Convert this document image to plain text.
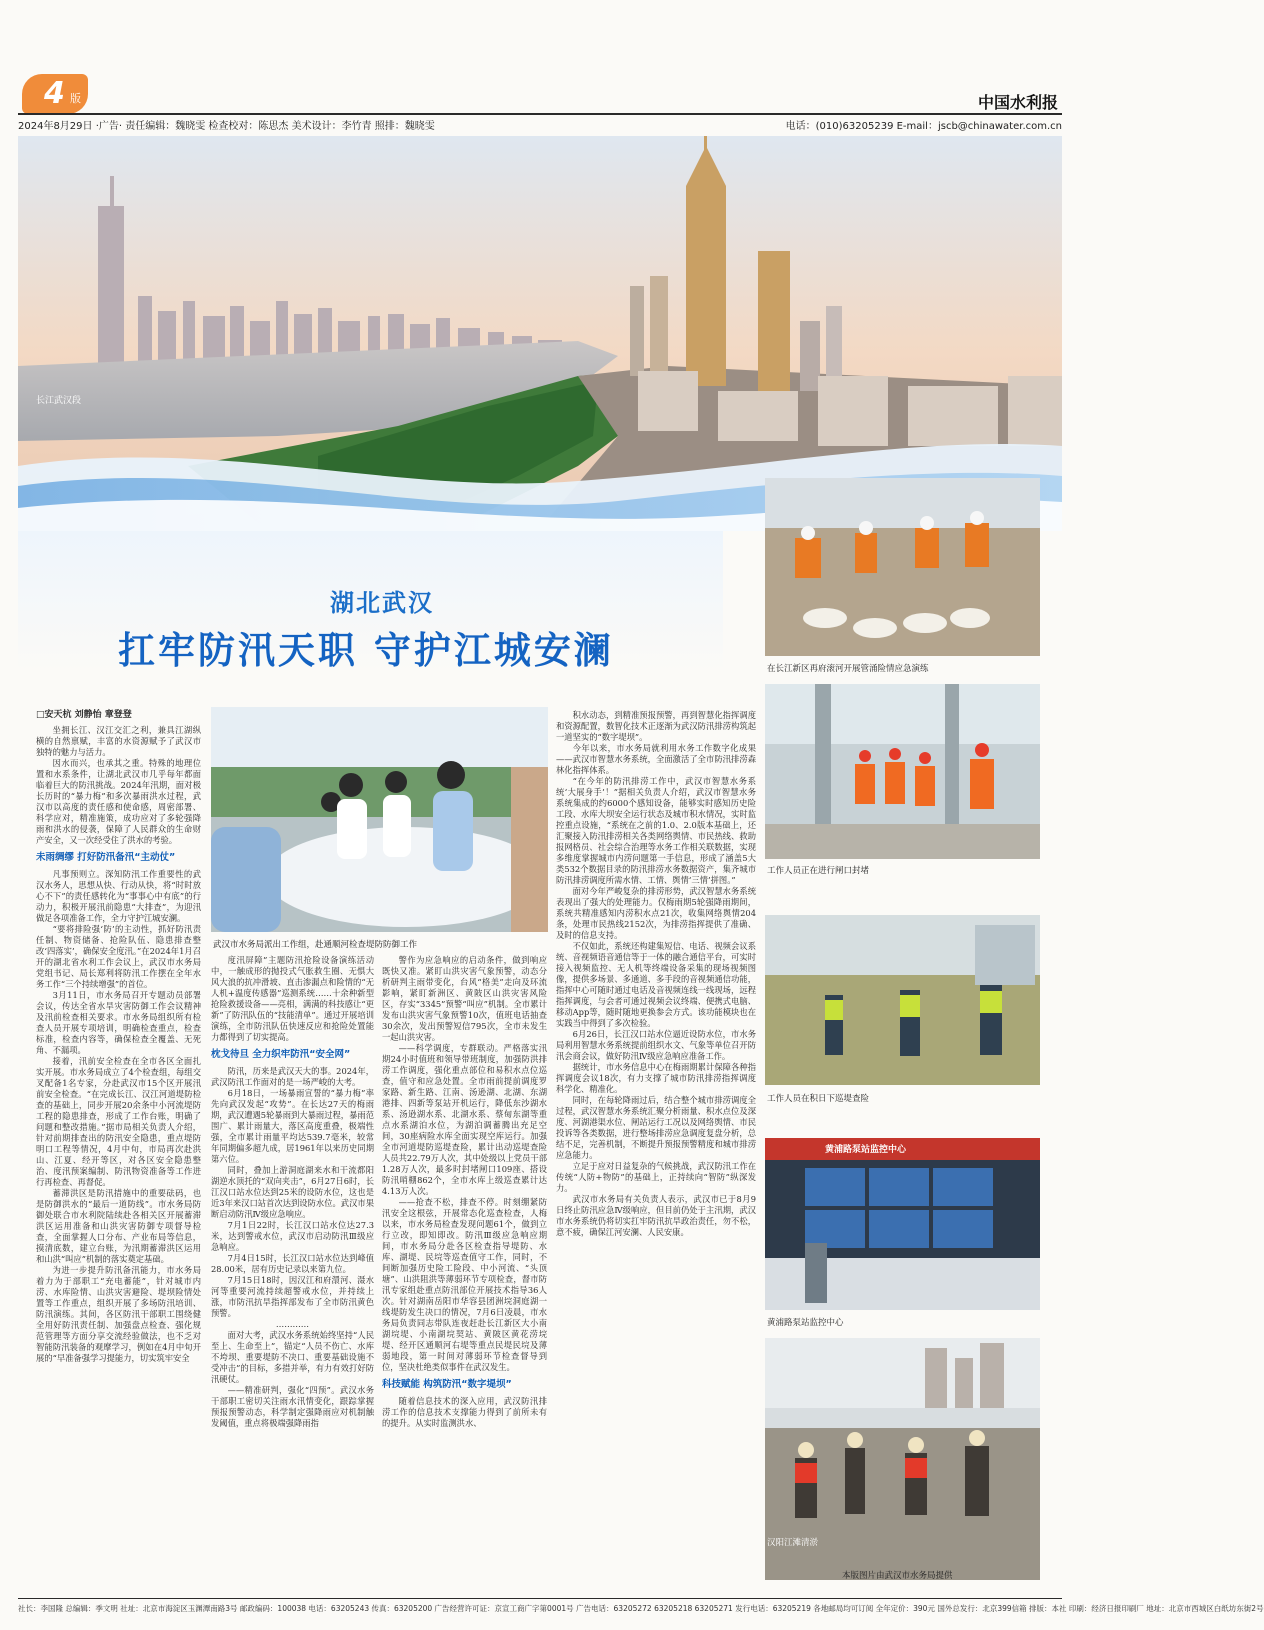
4 版	中国水利报
2024年8月29日 ·广告· 责任编辑：魏晓雯 检查校对：陈思杰 美术设计：李竹青 照排：魏晓雯	电话：(010)63205239 E-mail：jscb@chinawater.com.cn
长江武汉段
湖北武汉
扛牢防汛天职 守护江城安澜
武汉市水务局派出工作组，赴通顺河检查堤防防御工作
在长江新区再府滚河开展管涌险情应急演练
工作人员正在进行闸口封堵
工作人员在积日下巡堤查险
黄浦路泵站监控中心
黄浦路泵站监控中心
汉阳江滩清淤
本版图片由武汉市水务局提供

□安天杭 刘静怡 章登登

坐拥长江、汉江交汇之利，兼具江湖纵横的自然禀赋，丰富的水资源赋予了武汉市独特的魅力与活力。

因水而兴，也承其之重。特殊的地理位置和水系条件，让湖北武汉市几乎每年都面临着巨大的防汛挑战。2024年汛期，面对极长历时的“暴力梅”和多次暴雨洪水过程，武汉市以高度的责任感和使命感，周密部署、科学应对，精准施策，成功应对了多轮强降雨和洪水的侵袭，保障了人民群众的生命财产安全，又一次经受住了洪水的考验。

未雨绸缪 打好防汛备汛“主动仗”

凡事预则立。深知防汛工作重要性的武汉水务人，思想从快、行动从快，将“时时放心不下”的责任感转化为“事事心中有底”的行动力，积极开展汛前隐患“大排查”，为迎汛做足各项准备工作，全力守护江城安澜。

“要将排险强‘防’的主动性，抓好防汛责任制、物资储备、抢险队伍、隐患排查整改‘四落实’，确保安全度汛。”在2024年1月召开的湖北省水利工作会议上，武汉市水务局党组书记、局长郑利将防汛工作摆在全年水务工作“三个持续增强”的首位。

3月11日，市水务局召开专题动员部署会议，传达全省水旱灾害防御工作会议精神及汛前检查相关要求。市水务局组织所有检查人员开展专项培训，明确检查重点，检查标准，检查内容等，确保检查全覆盖、无死角、不漏项。

接着，汛前安全检查在全市各区全面扎实开展。市水务局成立了4个检查组，每组交叉配备1名专家，分赴武汉市15个区开展汛前安全检查。“在完成长江、汉江河道堤防检查的基础上，同步开展20余条中小河流堤防工程的隐患排查，形成了工作台账，明确了问题和整改措施。”据市局相关负责人介绍，针对前期排查出的防汛安全隐患，重点堤防明口工程等情况，4月中旬，市局再次赴洪山、江夏、经开等区，对各区安全隐患整治、度汛预案编制、防汛物资准备等工作进行再检查、再督促。

蓄滞洪区是防汛措施中的重要砝码，也是防御洪水的“最后一道防线”。市水务局防御处联合市水利院陆续赴各相关区开展蓄滞洪区运用准备和山洪灾害防御专项督导检查，全面掌握人口分布、产业布局等信息，摸清底数，建立台账，为汛期蓄滞洪区运用和山洪“叫应”机制的落实奠定基础。

为进一步提升防汛备汛能力，市水务局着力为于部职工“充电蓄能”，针对城市内涝、水库险情、山洪灾害避险、堤坝险情处置等工作重点，组织开展了多场防汛培训、防汛演练。其间，各区防汛干部职工围绕健全用好防汛责任制、加强盘点检查、强化规范管理等方面分享交流经验做法，也不乏对智能防汛装备的观摩学习，例如在4月中旬开展的“早准备强学习提能力，切实筑牢安全

度汛屏障”主题防汛抢险设备演练活动中，一触成形的抛投式气胀救生圈、无惧大风大浪的抗冲滑坡、直击渗漏点和险情的“无人机+温度传感器”巡测系统……十余种新型抢险救援设备——亮相，满满的科技感让“更新”了防汛队伍的“技能清单”。通过开展培训演练，全市防汛队伍快速反应和抢险处置能力都得到了切实提高。

枕戈待旦 全力织牢防汛“安全网”

防汛，历来是武汉天大的事。2024年，武汉防汛工作面对的是一场严峻的大考。

6月18日，一场暴雨宣誓的“暴力梅”率先向武汉发起“攻势”。在长达27天的梅雨期，武汉遭遇5轮暴雨到大暴雨过程，暴雨范围广、累计雨量大，落区高度重叠，极端性强，全市累计雨量平均达539.7毫米，较常年同期偏多超九成，居1961年以来历史同期第六位。

同时，叠加上游洞庭湖来水和干流都阳湖逆水顶托的“双向夹击”，6月27日6时，长江汉口站水位达到25米的设防水位，这也是近3年来汉口站首次达到设防水位。武汉市果断启动防汛Ⅳ级应急响应。

7月1日22时，长江汉口站水位达27.3米，达到警戒水位，武汉市启动防汛Ⅲ级应急响应。

7月4日15时，长江汉口站水位达到峰值28.00米，居有历史记录以来第九位。

7月15日18时，因汉江和府澴河、滠水河等重要河流持续超警戒水位，并持续上涨，市防汛抗旱指挥部发布了全市防汛黄色预警。

…………

面对大考，武汉水务系统始终坚持“人民至上、生命至上”，锚定“人员不伤亡、水库不垮坝、重要堤防不决口、重要基础设施不受冲击”的目标，多措并举，有力有效打好防汛硬仗。

——精准研判，强化“四预”。武汉水务干部职工密切关注雨水汛情变化，跟踪掌握预报预警动态，科学制定强降雨应对机制触发阈值，重点将极端强降雨指

警作为应急响应的启动条件，做到响应既快又准。紧盯山洪灾害气象预警，动态分析研判主雨带变化，台风“格美”走向及环流影响，紧盯新洲区、黄陂区山洪灾害风险区，存实“3345”预警“叫应”机制。全市累计发布山洪灾害气象预警10次，值班电话抽查30余次，发出预警短信795次，全市未发生一起山洪灾害。

——科学调度，专群联动。严格落实汛期24小时值班和领导带班制度，加强防洪排涝工作调度，强化重点部位和易积水点位巡查，值守和应急处置。全市雨前提前调度罗家路、新生路、江南、汤逊湖、北湖、东湖港排、四新等泵站开机运行，降低东沙湖水系、汤逊湖水系、北湖水系、蔡甸东湖等重点水系湖泊水位，为湖泊调蓄腾出充足空间，30座病险水库全面实现空库运行。加强全市河道堤防巡堤查险，累计出动巡堤查险人员共22.79万人次，其中处级以上党员干部1.28万人次，最多时封堵闸口109座、搭设防汛哨棚862个，全市水库上级巡查累计达4.13万人次。

——抢查不松，排查不停。时刻绷紧防汛安全这根弦，开展常态化巡查检查，人梅以来，市水务局检查发现问题61个，做到立行立改，即知即改。防汛Ⅲ级应急响应期间，市水务局分赴各区检查指导堤防、水库、湖堤、民垸等巡查值守工作，同时，不间断加强历史险工险段、中小河流、“头顶塘”、山洪阻洪等薄弱环节专项检查，督市防汛专家组赴重点防汛部位开展技术指导36人次。针对湖南岳阳市华容县团洲垸洞庭湖一线堤防发生决口的情况，7月6日凌晨，市水务局负责同志带队连夜赶赴长江新区大小南湖垸堤、小南湖垸契站、黄陂区黄花涝垸堤、经开区通顺河右堤等重点民堤民垸及薄弱地段，第一时间对薄弱环节检查督导到位，坚决杜绝类似事件在武汉发生。

科技赋能 构筑防汛“数字堤坝”

随着信息技术的深入应用，武汉防汛排涝工作的信息技术支撑能力得到了前所未有的提升。从实时监测洪水、

积水动态，到精准预报预警，再到智慧化指挥调度和资源配置，数智化技术正逐渐为武汉防汛排涝构筑起一道坚实的“数字堤坝”。

今年以来，市水务局就利用水务工作数字化成果——武汉市智慧水务系统，全面激活了全市防汛排涝森林化指挥体系。

“在今年的防汛排涝工作中，武汉市智慧水务系统‘大展身手’！”据相关负责人介绍，武汉市智慧水务系统集成的约6000个感知设备，能够实时感知历史险工段、水库大坝安全运行状态及城市积水情况，实时监控重点设施，“系统在之前的1.0、2.0版本基础上，还汇聚接入防汛排涝相关各类网络舆情、市民热线、救助报网格员、社会综合治理等水务工作相关联数据，实现多维度掌握城市内涝问题第一手信息，形成了涵盖5大类532个数据目录的防汛排涝水务数据资产，集齐城市防汛排涝调度所需水情、工情、舆情‘三情’拼图。”

面对今年严峻复杂的排涝形势，武汉智慧水务系统表现出了强大的处理能力。仅梅雨期5轮强降雨期间，系统共精准感知内涝积水点21次，收集网络舆情204条，处理市民热线2152次，为排涝指挥提供了准确、及时的信息支持。

不仅如此，系统还构建集短信、电话、视频会议系统、音视频语音通信等于一体的融合通信平台，可实时接入视频监控、无人机等终端设备采集的现场视频图像，提供多场景、多通道、多手段的音视频通信功能，指挥中心可随时通过电话及音视频连线一线现场，远程指挥调度，与会者可通过视频会议终端、便携式电脑、移动App等，随时随地更换参会方式。该功能模块也在实践当中得到了多次检验。

6月26日，长江汉口站水位逼近设防水位，市水务局利用智慧水务系统提前组织水文、气象等单位召开防汛会商会议，做好防汛Ⅳ级应急响应准备工作。

据统计，市水务信息中心在梅雨期累计保障各种指挥调度会议18次，有力支撑了城市防汛排涝指挥调度科学化、精准化。

同时，在每轮降雨过后，结合整个城市排涝调度全过程，武汉智慧水务系统汇聚分析雨量、积水点位及深度、河湖港渠水位、闸站运行工况以及网络舆情、市民投诉等各类数据，进行整场排涝应急调度复盘分析，总结不足，完善机制，不断提升预报预警精度和城市排涝应急能力。

立足于应对日益复杂的气候挑战，武汉防汛工作在传统“人防+物防”的基础上，正持续向“智防”纵深发力。

武汉市水务局有关负责人表示，武汉市已于8月9日终止防汛应急Ⅳ级响应，但目前仍处于主汛期，武汉市水务系统仍将切实扛牢防汛抗旱政治责任，勿不松，意不疲，确保江河安澜、人民安康。

社长：李国隆 总编辑：季文明 社址：北京市海淀区玉渊潭南路3号 邮政编码：100038 电话：63205243 传真：63205200 广告经营许可证：京宣工商广字第0001号 广告电话：63205272 63205218 63205271 发行电话：63205219 各地邮局均可订阅 全年定价：390元 国外总发行：北京399信箱 排版：本社 印刷：经济日报印刷厂 地址：北京市西城区白纸坊东街2号
